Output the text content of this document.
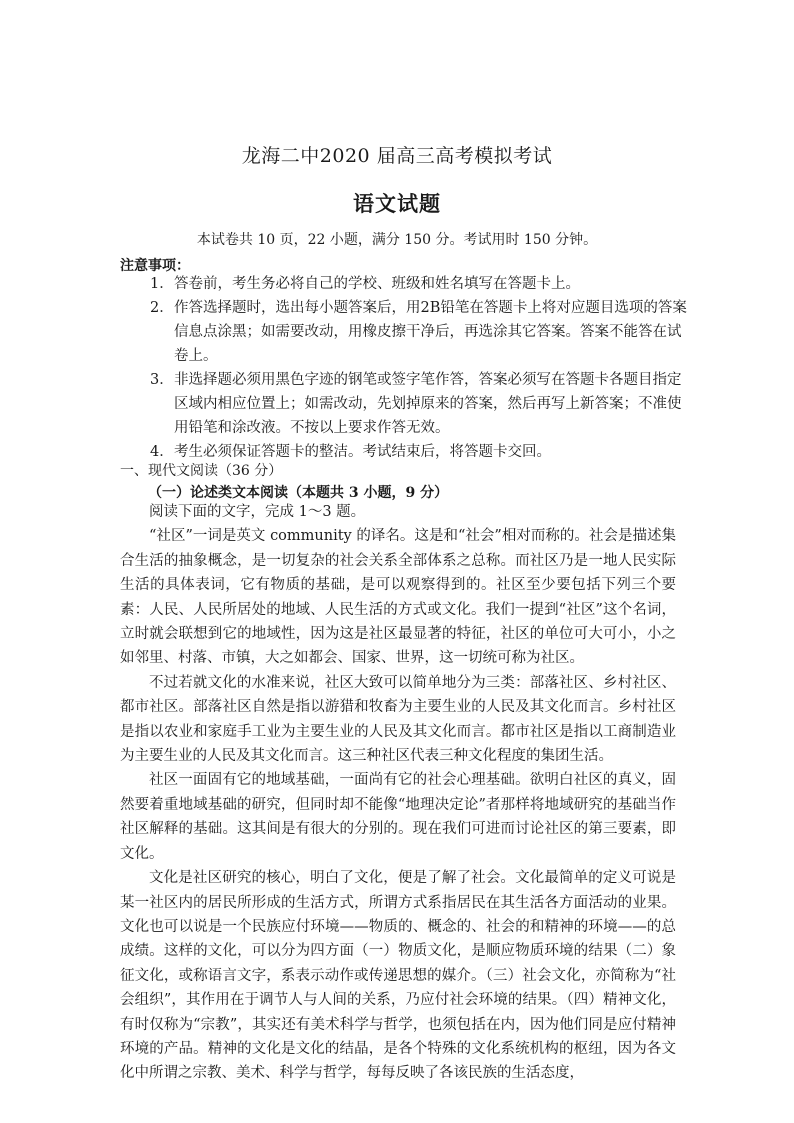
龙海二中2020 届高三高考模拟考试
语文试题
本试卷共 10 页，22 小题，满分 150 分。考试用时 150 分钟。
注意事项：
1． 答卷前，考生务必将自己的学校、班级和姓名填写在答题卡上。
2． 作答选择题时，选出每小题答案后，用2B铅笔在答题卡上将对应题目选项的答案信息点涂黑；如需要改动，用橡皮擦干净后，再选涂其它答案。答案不能答在试卷上。
3． 非选择题必须用黑色字迹的钢笔或签字笔作答，答案必须写在答题卡各题目指定区域内相应位置上；如需改动，先划掉原来的答案，然后再写上新答案；不准使用铅笔和涂改液。不按以上要求作答无效。
4． 考生必须保证答题卡的整洁。考试结束后，将答题卡交回。
一、现代文阅读（36 分）
（一）论述类文本阅读（本题共 3 小题，9 分）

阅读下面的文字，完成 1～3 题。

“社区”一词是英文 community 的译名。这是和“社会”相对而称的。社会是描述集合生活的抽象概念，是一切复杂的社会关系全部体系之总称。而社区乃是一地人民实际生活的具体表词，它有物质的基础，是可以观察得到的。社区至少要包括下列三个要素：人民、人民所居处的地域、人民生活的方式或文化。我们一提到“社区”这个名词，立时就会联想到它的地域性，因为这是社区最显著的特征，社区的单位可大可小，小之如邻里、村落、市镇，大之如都会、国家、世界，这一切统可称为社区。

不过若就文化的水准来说，社区大致可以简单地分为三类：部落社区、乡村社区、都市社区。部落社区自然是指以游猎和牧畜为主要生业的人民及其文化而言。乡村社区是指以农业和家庭手工业为主要生业的人民及其文化而言。都市社区是指以工商制造业为主要生业的人民及其文化而言。这三种社区代表三种文化程度的集团生活。

社区一面固有它的地域基础，一面尚有它的社会心理基础。欲明白社区的真义，固然要着重地域基础的研究，但同时却不能像“地理决定论”者那样将地域研究的基础当作社区解释的基础。这其间是有很大的分别的。现在我们可进而讨论社区的第三要素，即文化。

文化是社区研究的核心，明白了文化，便是了解了社会。文化最简单的定义可说是某一社区内的居民所形成的生活方式，所谓方式系指居民在其生活各方面活动的业果。文化也可以说是一个民族应付环境——物质的、概念的、社会的和精神的环境——的总成绩。这样的文化，可以分为四方面（一）物质文化，是顺应物质环境的结果（二）象征文化，或称语言文字，系表示动作或传递思想的媒介。（三）社会文化，亦简称为“社会组织”，其作用在于调节人与人间的关系，乃应付社会环境的结果。（四）精神文化，有时仅称为“宗教”，其实还有美术科学与哲学，也须包括在内，因为他们同是应付精神环境的产品。精神的文化是文化的结晶，是各个特殊的文化系统机构的枢纽，因为各文化中所谓之宗教、美术、科学与哲学，每每反映了各该民族的生活态度，
